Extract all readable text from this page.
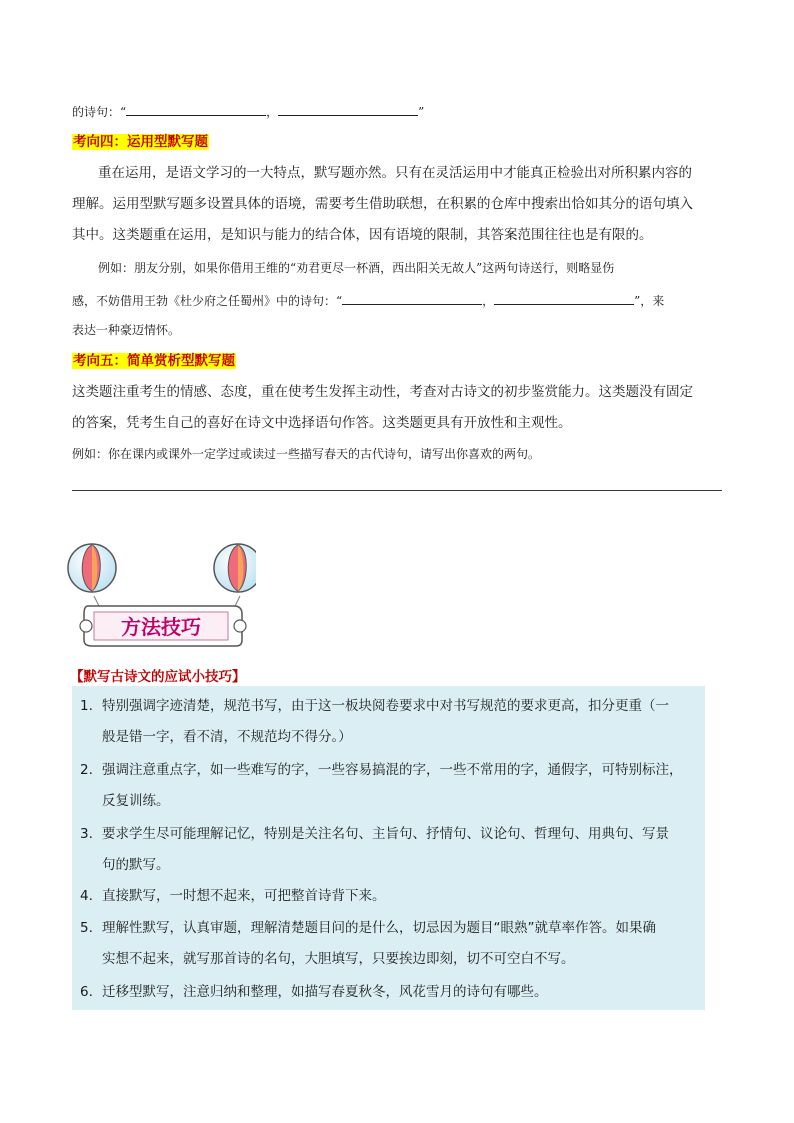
的诗句：“	，	”
考向四：运用型默写题
重在运用，是语文学习的一大特点，默写题亦然。只有在灵活运用中才能真正检验出对所积累内容的
理解。运用型默写题多设置具体的语境，需要考生借助联想，在积累的仓库中搜索出恰如其分的语句填入
其中。这类题重在运用，是知识与能力的结合体，因有语境的限制，其答案范围往往也是有限的。
例如：朋友分别，如果你借用王维的“劝君更尽一杯酒，西出阳关无故人”这两句诗送行，则略显伤
感，不妨借用王勃《杜少府之任蜀州》中的诗句：“	，	”，来
表达一种豪迈情怀。
考向五：简单赏析型默写题
这类题注重考生的情感、态度，重在使考生发挥主动性，考查对古诗文的初步鉴赏能力。这类题没有固定
的答案，凭考生自己的喜好在诗文中选择语句作答。这类题更具有开放性和主观性。
例如：你在课内或课外一定学过或读过一些描写春天的古代诗句，请写出你喜欢的两句。
方法技巧
【默写古诗文的应试小技巧】
1. 特别强调字迹清楚，规范书写，由于这一板块阅卷要求中对书写规范的要求更高，扣分更重（一
般是错一字，看不清，不规范均不得分。）
2. 强调注意重点字，如一些难写的字，一些容易搞混的字，一些不常用的字，通假字，可特别标注，
反复训练。
3. 要求学生尽可能理解记忆，特别是关注名句、主旨句、抒情句、议论句、哲理句、用典句、写景
句的默写。
4. 直接默写，一时想不起来，可把整首诗背下来。
5. 理解性默写，认真审题，理解清楚题目问的是什么，切忌因为题目“眼熟”就草率作答。如果确
实想不起来，就写那首诗的名句，大胆填写，只要挨边即刻，切不可空白不写。
6. 迁移型默写，注意归纳和整理，如描写春夏秋冬，风花雪月的诗句有哪些。
